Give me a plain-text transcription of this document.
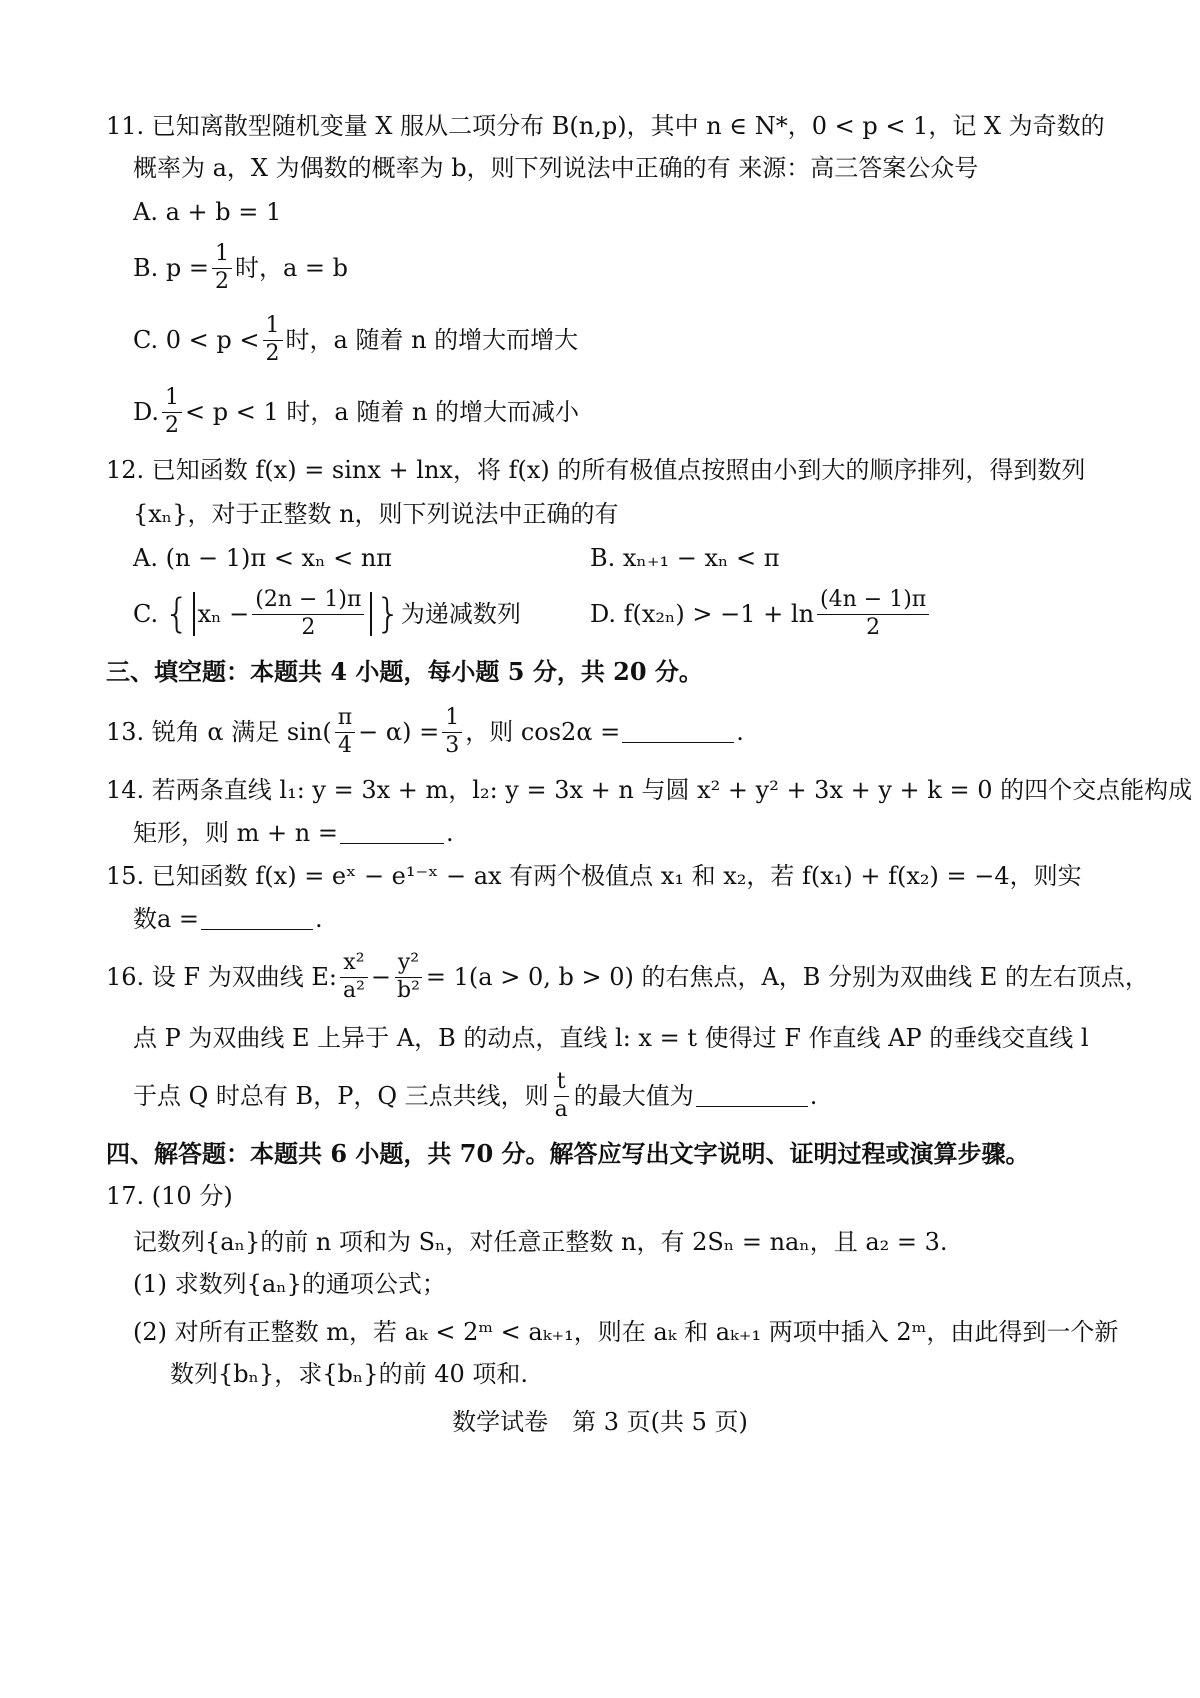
11. 已知离散型随机变量 X 服从二项分布 B(n,p)，其中 n ∈ N*，0 < p < 1，记 X 为奇数的
概率为 a，X 为偶数的概率为 b，则下列说法中正确的有 来源：高三答案公众号
A. a + b = 1
B. $p = \frac{1}{2}$ 时，a = b
C. $0 < p < \frac{1}{2}$ 时，a 随着 n 的增大而增大
D. $\frac{1}{2} < p < 1$ 时，a 随着 n 的增大而减小
12. 已知函数 f(x) = sinx + lnx，将 f(x) 的所有极值点按照由小到大的顺序排列，得到数列
{xₙ}，对于正整数 n，则下列说法中正确的有
A. (n − 1)π < xₙ < nπ	B. xₙ₊₁ − xₙ < π
C. { $x_n - \frac{(2n - 1)\pi}{2}$ } 为递减数列	D. $f(x_{2n}) > -1 + \ln \frac{(4n - 1)\pi}{2}$
三、填空题：本题共 4 小题，每小题 5 分，共 20 分。
13. 锐角 α 满足 $\sin( \frac{\pi}{4} - \alpha) = \frac{1}{3}$ ，则 cos2α =	.
14. 若两条直线 l₁: y = 3x + m，l₂: y = 3x + n 与圆 x² + y² + 3x + y + k = 0 的四个交点能构成
矩形，则 m + n =	.
15. 已知函数 f(x) = eˣ − e¹⁻ˣ − ax 有两个极值点 x₁ 和 x₂，若 f(x₁) + f(x₂) = −4，则实
数a =	.
16. 设 F 为双曲线 E: $\frac{\text{x²}}{\text{a²}} - \frac{\text{y²}}{\text{b²}} = 1(a > 0$, b > 0) 的右焦点，A，B 分别为双曲线 E 的左右顶点，
点 P 为双曲线 E 上异于 A，B 的动点，直线 l: x = t 使得过 F 作直线 AP 的垂线交直线 l
于点 Q 时总有 B，P，Q 三点共线，则 $\frac{t}{a}$ 的最大值为	.
四、解答题：本题共 6 小题，共 70 分。解答应写出文字说明、证明过程或演算步骤。
17. (10 分)
记数列{aₙ}的前 n 项和为 Sₙ，对任意正整数 n，有 2Sₙ = naₙ，且 a₂ = 3.
(1) 求数列{aₙ}的通项公式；
(2) 对所有正整数 m，若 aₖ < 2ᵐ < aₖ₊₁，则在 aₖ 和 aₖ₊₁ 两项中插入 2ᵐ，由此得到一个新
数列{bₙ}，求{bₙ}的前 40 项和.
数学试卷　第 3 页(共 5 页)
